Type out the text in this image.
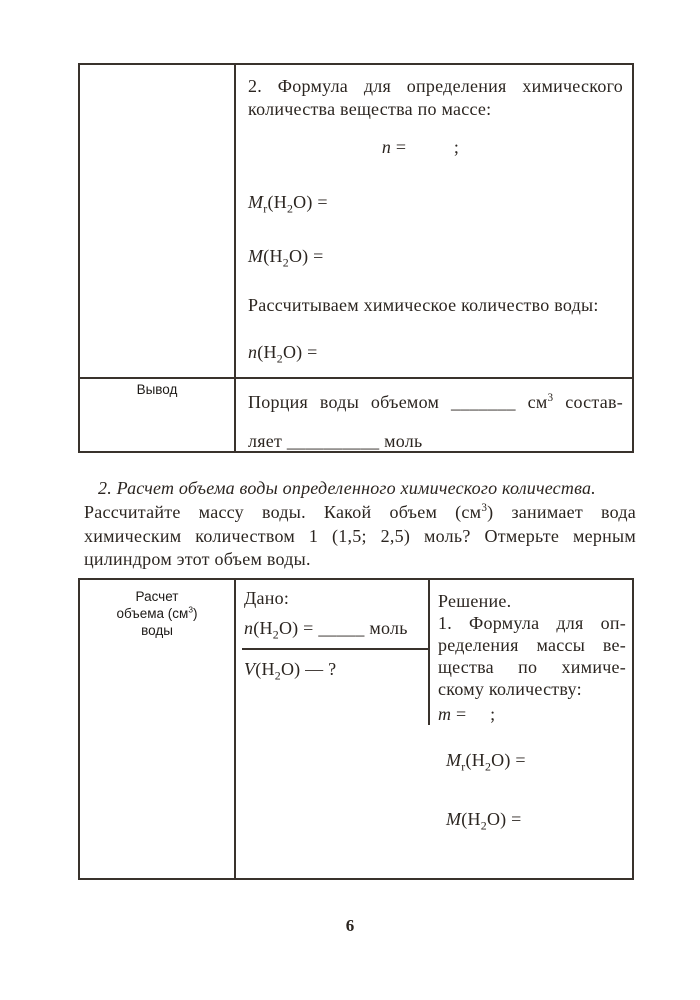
2. Формула для определения химического количества вещества по массе:
n =          ;
$M_r(H_2O)$ =
$M(H_2O)$ =
Рассчитываем химическое количество воды:
$n(H_2O)$ =
Вывод
Порция воды объемом _______ $см^3$ состав-
ляет __________ моль
2. Расчет объема воды определенного химического количества.
Рассчитайте массу воды. Какой объем $(см^3)$ занимает вода химическим количеством 1 (1,5; 2,5) моль? Отмерьте мерным цилиндром этот объем воды.
Расчет
объема $(см^3)$
воды
Дано:
$n(H_2O)$ = _____ моль
$V(H_2O)$ — ?
Решение.
1. Формула для оп-
ределения массы ве-
щества по химиче-
скому количеству:
m =     ;
$M_r(H_2O)$ =
$M(H_2O)$ =
6
